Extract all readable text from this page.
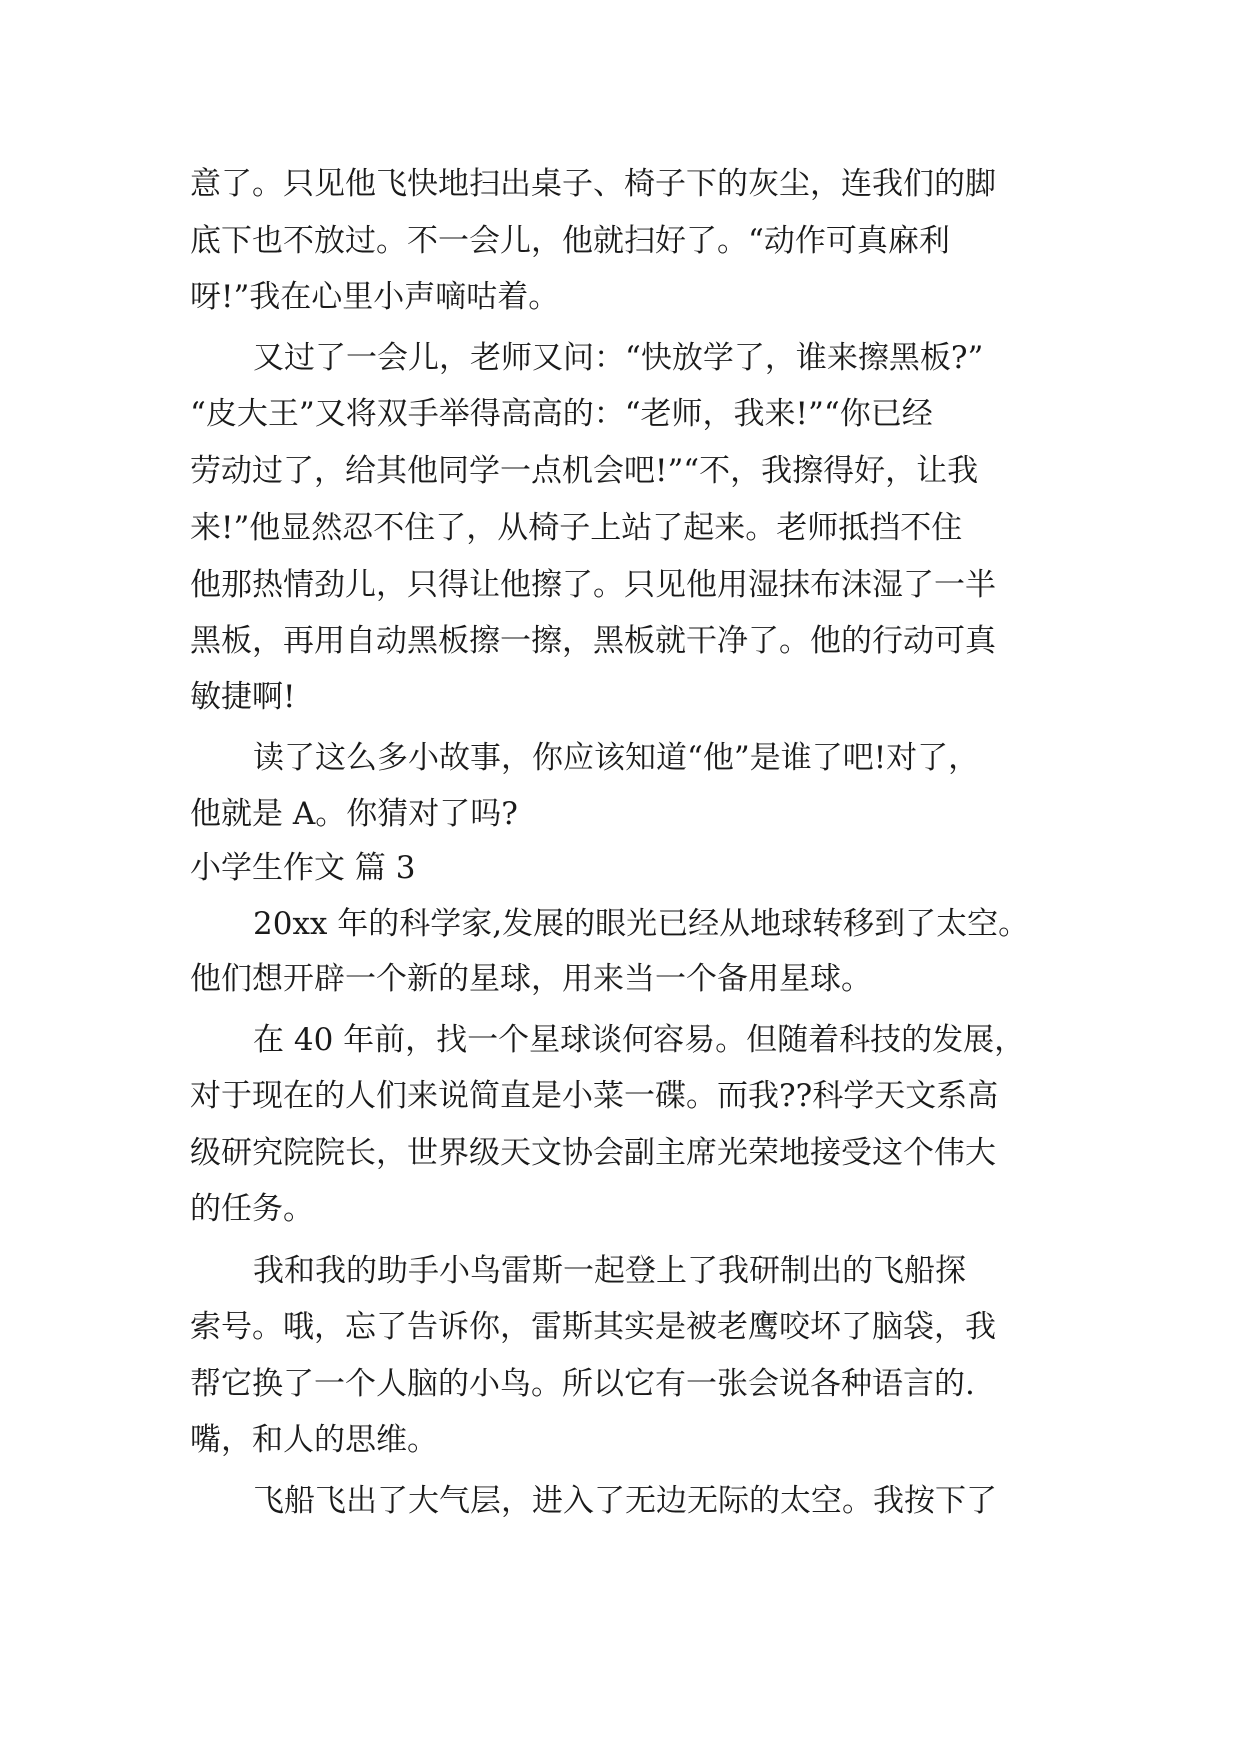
意了。只见他飞快地扫出桌子、椅子下的灰尘，连我们的脚
底下也不放过。不一会儿，他就扫好了。“动作可真麻利
呀!”我在心里小声嘀咕着。
又过了一会儿，老师又问：“快放学了，谁来擦黑板?”
“皮大王”又将双手举得高高的：“老师，我来!”“你已经
劳动过了，给其他同学一点机会吧!”“不，我擦得好，让我
来!”他显然忍不住了，从椅子上站了起来。老师抵挡不住
他那热情劲儿，只得让他擦了。只见他用湿抹布沫湿了一半
黑板，再用自动黑板擦一擦，黑板就干净了。他的行动可真
敏捷啊!
读了这么多小故事，你应该知道“他”是谁了吧!对了，
他就是 A。你猜对了吗?
小学生作文 篇 3
20xx 年的科学家,发展的眼光已经从地球转移到了太空。
他们想开辟一个新的星球，用来当一个备用星球。
在 40 年前，找一个星球谈何容易。但随着科技的发展，
对于现在的人们来说简直是小菜一碟。而我??科学天文系高
级研究院院长，世界级天文协会副主席光荣地接受这个伟大
的任务。
我和我的助手小鸟雷斯一起登上了我研制出的飞船探
索号。哦，忘了告诉你，雷斯其实是被老鹰咬坏了脑袋，我
帮它换了一个人脑的小鸟。所以它有一张会说各种语言的.
嘴，和人的思维。
飞船飞出了大气层，进入了无边无际的太空。我按下了
